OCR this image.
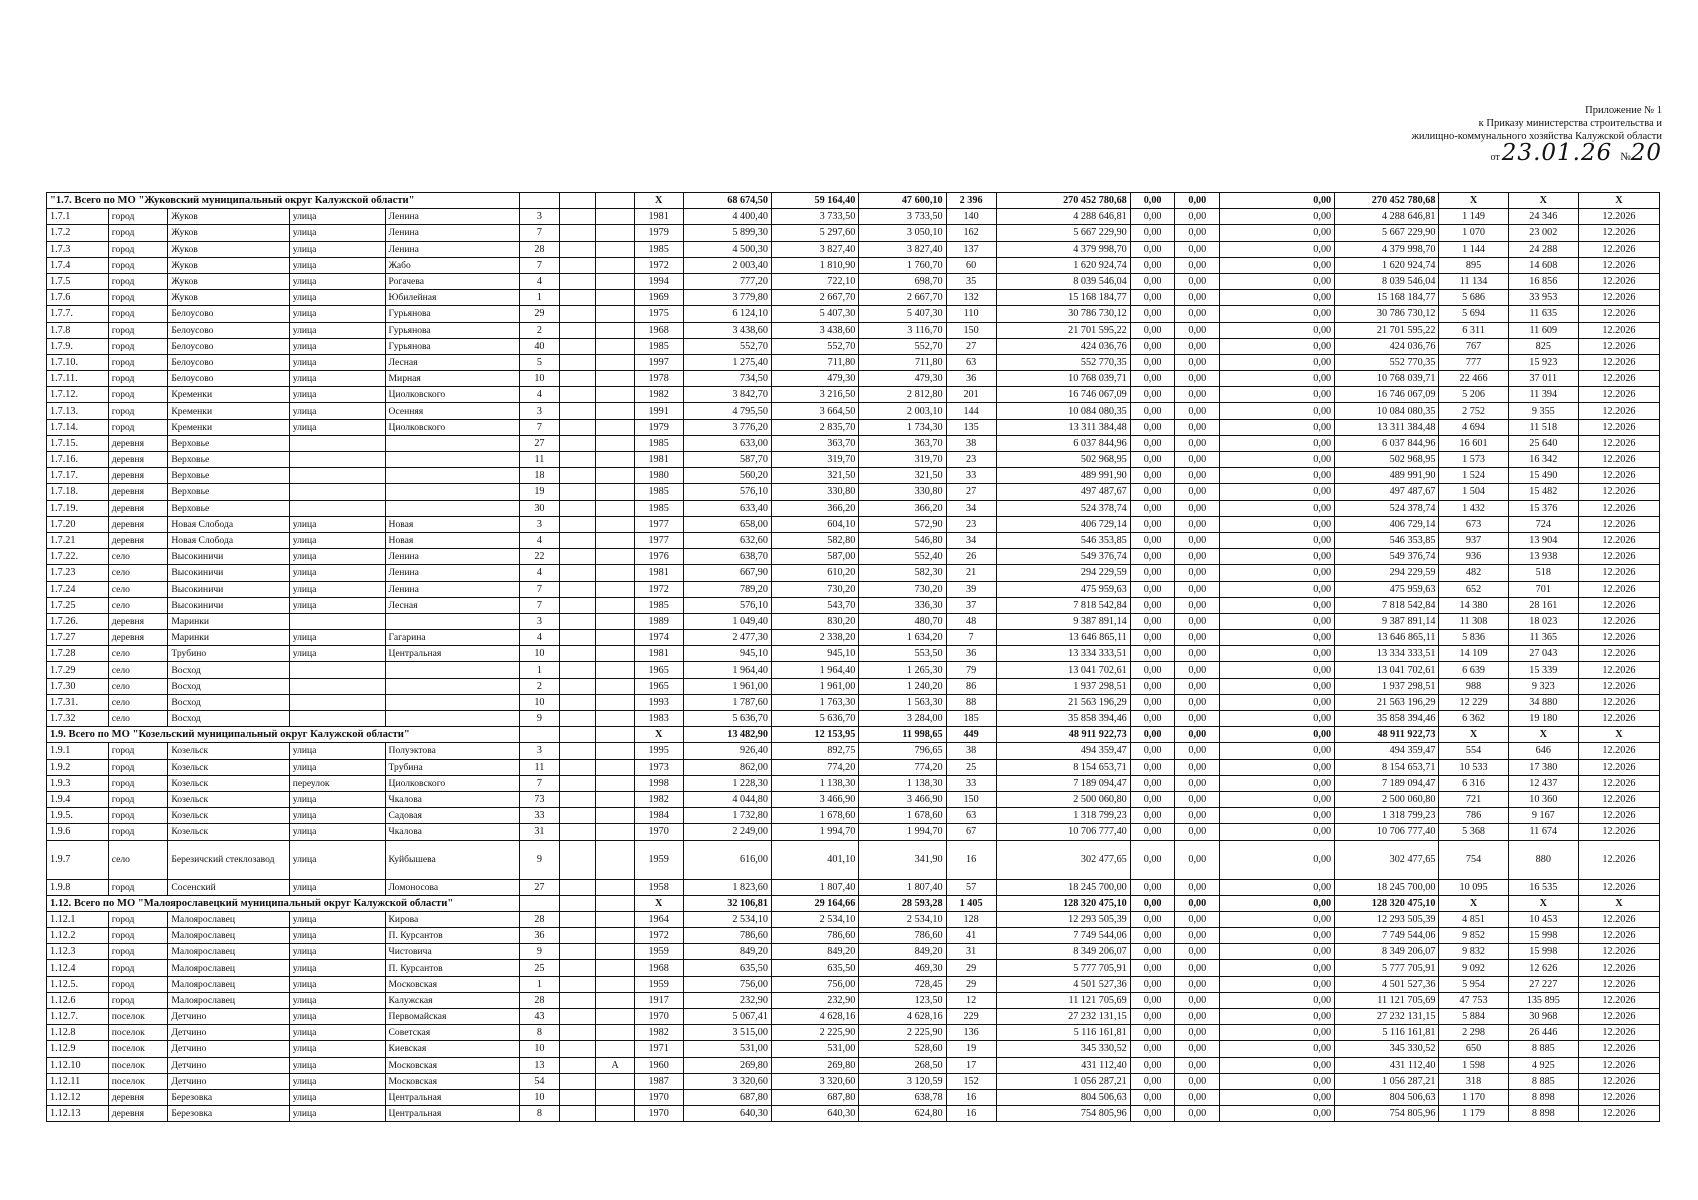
Приложение № 1
к Приказу министерства строительства и
жилищно-коммунального хозяйства Калужской области
от23.01.26 №20
"1.7. Всего по МО "Жуковский муниципальный округ Калужской области"								X	68 674,50	59 164,40	47 600,10	2 396	270 452 780,68	0,00	0,00	0,00	270 452 780,68	X	X	X
1.7.1	город	Жуков	улица	Ленина	3			1981	4 400,40	3 733,50	3 733,50	140	4 288 646,81	0,00	0,00	0,00	4 288 646,81	1 149	24 346	12.2026
1.7.2	город	Жуков	улица	Ленина	7			1979	5 899,30	5 297,60	3 050,10	162	5 667 229,90	0,00	0,00	0,00	5 667 229,90	1 070	23 002	12.2026
1.7.3	город	Жуков	улица	Ленина	28			1985	4 500,30	3 827,40	3 827,40	137	4 379 998,70	0,00	0,00	0,00	4 379 998,70	1 144	24 288	12.2026
1.7.4	город	Жуков	улица	Жабо	7			1972	2 003,40	1 810,90	1 760,70	60	1 620 924,74	0,00	0,00	0,00	1 620 924,74	895	14 608	12.2026
1.7.5	город	Жуков	улица	Рогачева	4			1994	777,20	722,10	698,70	35	8 039 546,04	0,00	0,00	0,00	8 039 546,04	11 134	16 856	12.2026
1.7.6	город	Жуков	улица	Юбилейная	1			1969	3 779,80	2 667,70	2 667,70	132	15 168 184,77	0,00	0,00	0,00	15 168 184,77	5 686	33 953	12.2026
1.7.7.	город	Белоусово	улица	Гурьянова	29			1975	6 124,10	5 407,30	5 407,30	110	30 786 730,12	0,00	0,00	0,00	30 786 730,12	5 694	11 635	12.2026
1.7.8	город	Белоусово	улица	Гурьянова	2			1968	3 438,60	3 438,60	3 116,70	150	21 701 595,22	0,00	0,00	0,00	21 701 595,22	6 311	11 609	12.2026
1.7.9.	город	Белоусово	улица	Гурьянова	40			1985	552,70	552,70	552,70	27	424 036,76	0,00	0,00	0,00	424 036,76	767	825	12.2026
1.7.10.	город	Белоусово	улица	Лесная	5			1997	1 275,40	711,80	711,80	63	552 770,35	0,00	0,00	0,00	552 770,35	777	15 923	12.2026
1.7.11.	город	Белоусово	улица	Мирная	10			1978	734,50	479,30	479,30	36	10 768 039,71	0,00	0,00	0,00	10 768 039,71	22 466	37 011	12.2026
1.7.12.	город	Кременки	улица	Циолковского	4			1982	3 842,70	3 216,50	2 812,80	201	16 746 067,09	0,00	0,00	0,00	16 746 067,09	5 206	11 394	12.2026
1.7.13.	город	Кременки	улица	Осенняя	3			1991	4 795,50	3 664,50	2 003,10	144	10 084 080,35	0,00	0,00	0,00	10 084 080,35	2 752	9 355	12.2026
1.7.14.	город	Кременки	улица	Циолковского	7			1979	3 776,20	2 835,70	1 734,30	135	13 311 384,48	0,00	0,00	0,00	13 311 384,48	4 694	11 518	12.2026
1.7.15.	деревня	Верховье			27			1985	633,00	363,70	363,70	38	6 037 844,96	0,00	0,00	0,00	6 037 844,96	16 601	25 640	12.2026
1.7.16.	деревня	Верховье			11			1981	587,70	319,70	319,70	23	502 968,95	0,00	0,00	0,00	502 968,95	1 573	16 342	12.2026
1.7.17.	деревня	Верховье			18			1980	560,20	321,50	321,50	33	489 991,90	0,00	0,00	0,00	489 991,90	1 524	15 490	12.2026
1.7.18.	деревня	Верховье			19			1985	576,10	330,80	330,80	27	497 487,67	0,00	0,00	0,00	497 487,67	1 504	15 482	12.2026
1.7.19.	деревня	Верховье			30			1985	633,40	366,20	366,20	34	524 378,74	0,00	0,00	0,00	524 378,74	1 432	15 376	12.2026
1.7.20	деревня	Новая Слобода	улица	Новая	3			1977	658,00	604,10	572,90	23	406 729,14	0,00	0,00	0,00	406 729,14	673	724	12.2026
1.7.21	деревня	Новая Слобода	улица	Новая	4			1977	632,60	582,80	546,80	34	546 353,85	0,00	0,00	0,00	546 353,85	937	13 904	12.2026
1.7.22.	село	Высокиничи	улица	Ленина	22			1976	638,70	587,00	552,40	26	549 376,74	0,00	0,00	0,00	549 376,74	936	13 938	12.2026
1.7.23	село	Высокиничи	улица	Ленина	4			1981	667,90	610,20	582,30	21	294 229,59	0,00	0,00	0,00	294 229,59	482	518	12.2026
1.7.24	село	Высокиничи	улица	Ленина	7			1972	789,20	730,20	730,20	39	475 959,63	0,00	0,00	0,00	475 959,63	652	701	12.2026
1.7.25	село	Высокиничи	улица	Лесная	7			1985	576,10	543,70	336,30	37	7 818 542,84	0,00	0,00	0,00	7 818 542,84	14 380	28 161	12.2026
1.7.26.	деревня	Маринки			3			1989	1 049,40	830,20	480,70	48	9 387 891,14	0,00	0,00	0,00	9 387 891,14	11 308	18 023	12.2026
1.7.27	деревня	Маринки	улица	Гагарина	4			1974	2 477,30	2 338,20	1 634,20	7	13 646 865,11	0,00	0,00	0,00	13 646 865,11	5 836	11 365	12.2026
1.7.28	село	Трубино	улица	Центральная	10			1981	945,10	945,10	553,50	36	13 334 333,51	0,00	0,00	0,00	13 334 333,51	14 109	27 043	12.2026
1.7.29	село	Восход			1			1965	1 964,40	1 964,40	1 265,30	79	13 041 702,61	0,00	0,00	0,00	13 041 702,61	6 639	15 339	12.2026
1.7.30	село	Восход			2			1965	1 961,00	1 961,00	1 240,20	86	1 937 298,51	0,00	0,00	0,00	1 937 298,51	988	9 323	12.2026
1.7.31.	село	Восход			10			1993	1 787,60	1 763,30	1 563,30	88	21 563 196,29	0,00	0,00	0,00	21 563 196,29	12 229	34 880	12.2026
1.7.32	село	Восход			9			1983	5 636,70	5 636,70	3 284,00	185	35 858 394,46	0,00	0,00	0,00	35 858 394,46	6 362	19 180	12.2026
1.9. Всего по МО "Козельский муниципальный округ Калужской области"								X	13 482,90	12 153,95	11 998,65	449	48 911 922,73	0,00	0,00	0,00	48 911 922,73	X	X	X
1.9.1	город	Козельск	улица	Полуэктова	3			1995	926,40	892,75	796,65	38	494 359,47	0,00	0,00	0,00	494 359,47	554	646	12.2026
1.9.2	город	Козельск	улица	Трубина	11			1973	862,00	774,20	774,20	25	8 154 653,71	0,00	0,00	0,00	8 154 653,71	10 533	17 380	12.2026
1.9.3	город	Козельск	переулок	Циолковского	7			1998	1 228,30	1 138,30	1 138,30	33	7 189 094,47	0,00	0,00	0,00	7 189 094,47	6 316	12 437	12.2026
1.9.4	город	Козельск	улица	Чкалова	73			1982	4 044,80	3 466,90	3 466,90	150	2 500 060,80	0,00	0,00	0,00	2 500 060,80	721	10 360	12.2026
1.9.5.	город	Козельск	улица	Садовая	33			1984	1 732,80	1 678,60	1 678,60	63	1 318 799,23	0,00	0,00	0,00	1 318 799,23	786	9 167	12.2026
1.9.6	город	Козельск	улица	Чкалова	31			1970	2 249,00	1 994,70	1 994,70	67	10 706 777,40	0,00	0,00	0,00	10 706 777,40	5 368	11 674	12.2026
1.9.7	село	Березичский стеклозавод	улица	Куйбышева	9			1959	616,00	401,10	341,90	16	302 477,65	0,00	0,00	0,00	302 477,65	754	880	12.2026
1.9.8	город	Сосенский	улица	Ломоносова	27			1958	1 823,60	1 807,40	1 807,40	57	18 245 700,00	0,00	0,00	0,00	18 245 700,00	10 095	16 535	12.2026
1.12. Всего по МО "Малоярославецкий муниципальный округ Калужской области"								X	32 106,81	29 164,66	28 593,28	1 405	128 320 475,10	0,00	0,00	0,00	128 320 475,10	X	X	X
1.12.1	город	Малоярославец	улица	Кирова	28			1964	2 534,10	2 534,10	2 534,10	128	12 293 505,39	0,00	0,00	0,00	12 293 505,39	4 851	10 453	12.2026
1.12.2	город	Малоярославец	улица	П. Курсантов	36			1972	786,60	786,60	786,60	41	7 749 544,06	0,00	0,00	0,00	7 749 544,06	9 852	15 998	12.2026
1.12.3	город	Малоярославец	улица	Чистовича	9			1959	849,20	849,20	849,20	31	8 349 206,07	0,00	0,00	0,00	8 349 206,07	9 832	15 998	12.2026
1.12.4	город	Малоярославец	улица	П. Курсантов	25			1968	635,50	635,50	469,30	29	5 777 705,91	0,00	0,00	0,00	5 777 705,91	9 092	12 626	12.2026
1.12.5.	город	Малоярославец	улица	Московская	1			1959	756,00	756,00	728,45	29	4 501 527,36	0,00	0,00	0,00	4 501 527,36	5 954	27 227	12.2026
1.12.6	город	Малоярославец	улица	Калужская	28			1917	232,90	232,90	123,50	12	11 121 705,69	0,00	0,00	0,00	11 121 705,69	47 753	135 895	12.2026
1.12.7.	поселок	Детчино	улица	Первомайская	43			1970	5 067,41	4 628,16	4 628,16	229	27 232 131,15	0,00	0,00	0,00	27 232 131,15	5 884	30 968	12.2026
1.12.8	поселок	Детчино	улица	Советская	8			1982	3 515,00	2 225,90	2 225,90	136	5 116 161,81	0,00	0,00	0,00	5 116 161,81	2 298	26 446	12.2026
1.12.9	поселок	Детчино	улица	Киевская	10			1971	531,00	531,00	528,60	19	345 330,52	0,00	0,00	0,00	345 330,52	650	8 885	12.2026
1.12.10	поселок	Детчино	улица	Московская	13		А	1960	269,80	269,80	268,50	17	431 112,40	0,00	0,00	0,00	431 112,40	1 598	4 925	12.2026
1.12.11	поселок	Детчино	улица	Московская	54			1987	3 320,60	3 320,60	3 120,59	152	1 056 287,21	0,00	0,00	0,00	1 056 287,21	318	8 885	12.2026
1.12.12	деревня	Березовка	улица	Центральная	10			1970	687,80	687,80	638,78	16	804 506,63	0,00	0,00	0,00	804 506,63	1 170	8 898	12.2026
1.12.13	деревня	Березовка	улица	Центральная	8			1970	640,30	640,30	624,80	16	754 805,96	0,00	0,00	0,00	754 805,96	1 179	8 898	12.2026
